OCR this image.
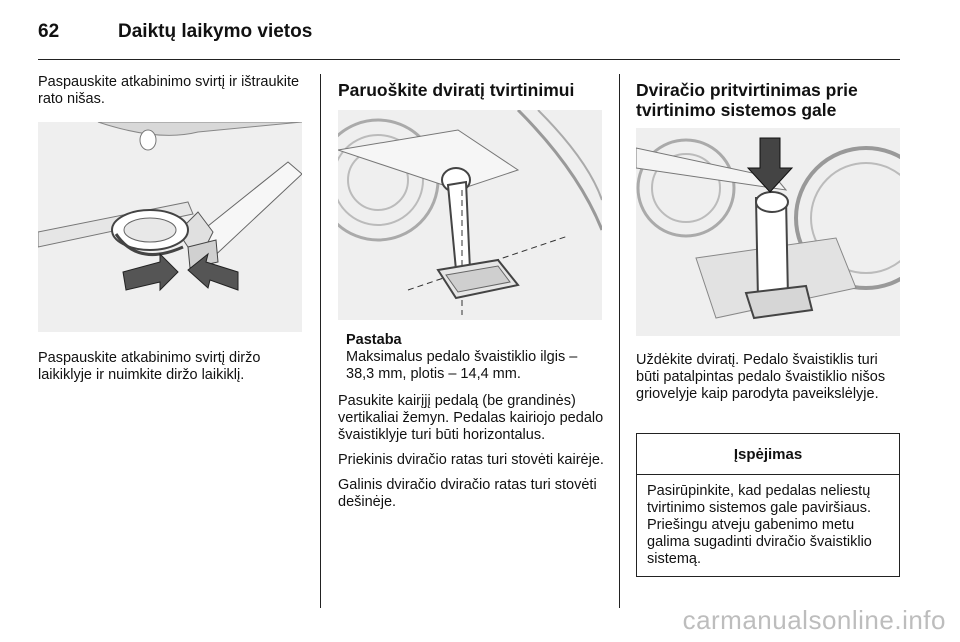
62	Daiktų laikymo vietos

Paspauskite atkabinimo svirtį ir ištraukite rato nišas.

Paspauskite atkabinimo svirtį diržo laikiklyje ir nuimkite diržo laikiklį.

Paruoškite dviratį tvirtinimui
Pastaba

Maksimalus pedalo švaistiklio ilgis – 38,3 mm, plotis – 14,4 mm.

Pasukite kairįjį pedalą (be grandinės) vertikaliai žemyn. Pedalas kairiojo pedalo švaistiklyje turi būti horizontalus.

Priekinis dviračio ratas turi stovėti kairėje.

Galinis dviračio dviračio ratas turi stovėti dešinėje.

Dviračio pritvirtinimas prie tvirtinimo sistemos gale

Uždėkite dviratį. Pedalo švaistiklis turi būti patalpintas pedalo švaistiklio nišos griovelyje kaip parodyta paveikslėlyje.

Įspėjimas
Pasirūpinkite, kad pedalas neliestų tvirtinimo sistemos gale paviršiaus. Priešingu atveju gabenimo metu galima sugadinti dviračio švaistiklio sistemą.
carmanualsonline.info
